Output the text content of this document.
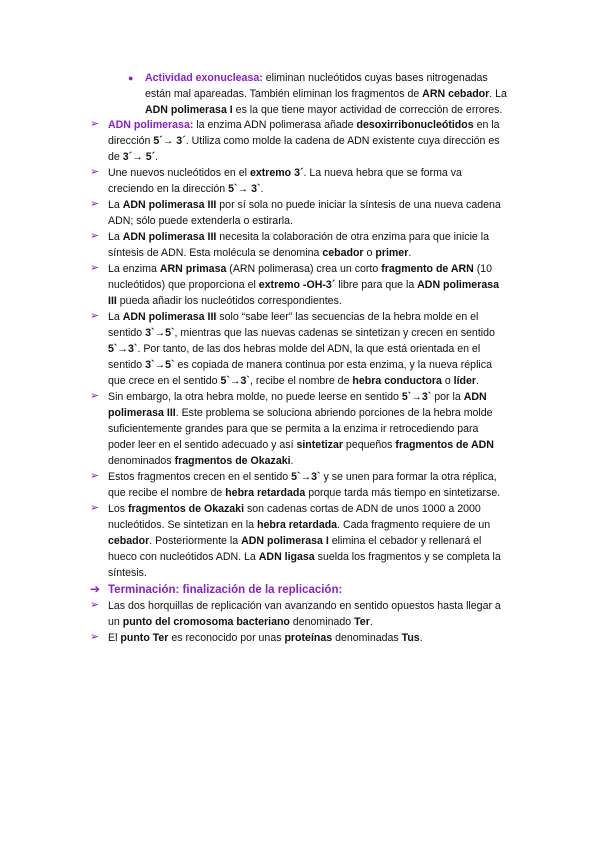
● Actividad exonucleasa: eliminan nucleótidos cuyas bases nitrogenadas
están mal apareadas. También eliminan los fragmentos de ARN cebador. La
ADN polimerasa I es la que tiene mayor actividad de corrección de errores.
➢ ADN polimerasa: la enzima ADN polimerasa añade desoxirribonucleótidos en la
dirección 5´→ 3´. Utiliza como molde la cadena de ADN existente cuya dirección es
de 3´→ 5´.
➢ Une nuevos nucleótidos en el extremo 3´. La nueva hebra que se forma va
creciendo en la dirección 5`→ 3`.
➢ La ADN polimerasa III por sí sola no puede iniciar la síntesis de una nueva cadena
ADN; sólo puede extenderla o estirarla.
➢ La ADN polimerasa III necesita la colaboración de otra enzima para que inicie la
síntesis de ADN. Esta molécula se denomina cebador o primer.
➢ La enzima ARN primasa (ARN polimerasa) crea un corto fragmento de ARN (10
nucleótidos) que proporciona el extremo -OH-3´ libre para que la ADN polimerasa
III pueda añadir los nucleótidos correspondientes.
➢ La ADN polimerasa III solo “sabe leer” las secuencias de la hebra molde en el
sentido 3`→5`, mientras que las nuevas cadenas se sintetizan y crecen en sentido
5`→3`. Por tanto, de las dos hebras molde del ADN, la que está orientada en el
sentido 3`→5` es copiada de manera continua por esta enzima, y la nueva réplica
que crece en el sentido 5`→3`, recibe el nombre de hebra conductora o líder.
➢ Sin embargo, la otra hebra molde, no puede leerse en sentido 5`→3` por la ADN
polimerasa III. Este problema se soluciona abriendo porciones de la hebra molde
suficientemente grandes para que se permita a la enzima ir retrocediendo para
poder leer en el sentido adecuado y así sintetizar pequeños fragmentos de ADN
denominados fragmentos de Okazaki.
➢ Estos fragmentos crecen en el sentido 5`→3` y se unen para formar la otra réplica,
que recibe el nombre de hebra retardada porque tarda más tiempo en sintetizarse.
➢ Los fragmentos de Okazaki son cadenas cortas de ADN de unos 1000 a 2000
nucleótidos. Se sintetizan en la hebra retardada. Cada fragmento requiere de un
cebador. Posteriormente la ADN polimerasa I elimina el cebador y rellenará el
hueco con nucleótidos ADN. La ADN ligasa suelda los fragmentos y se completa la
síntesis.
➔ Terminación: finalización de la replicación:
➢ Las dos horquillas de replicación van avanzando en sentido opuestos hasta llegar a
un punto del cromosoma bacteriano denominado Ter.
➢ El punto Ter es reconocido por unas proteínas denominadas Tus.
